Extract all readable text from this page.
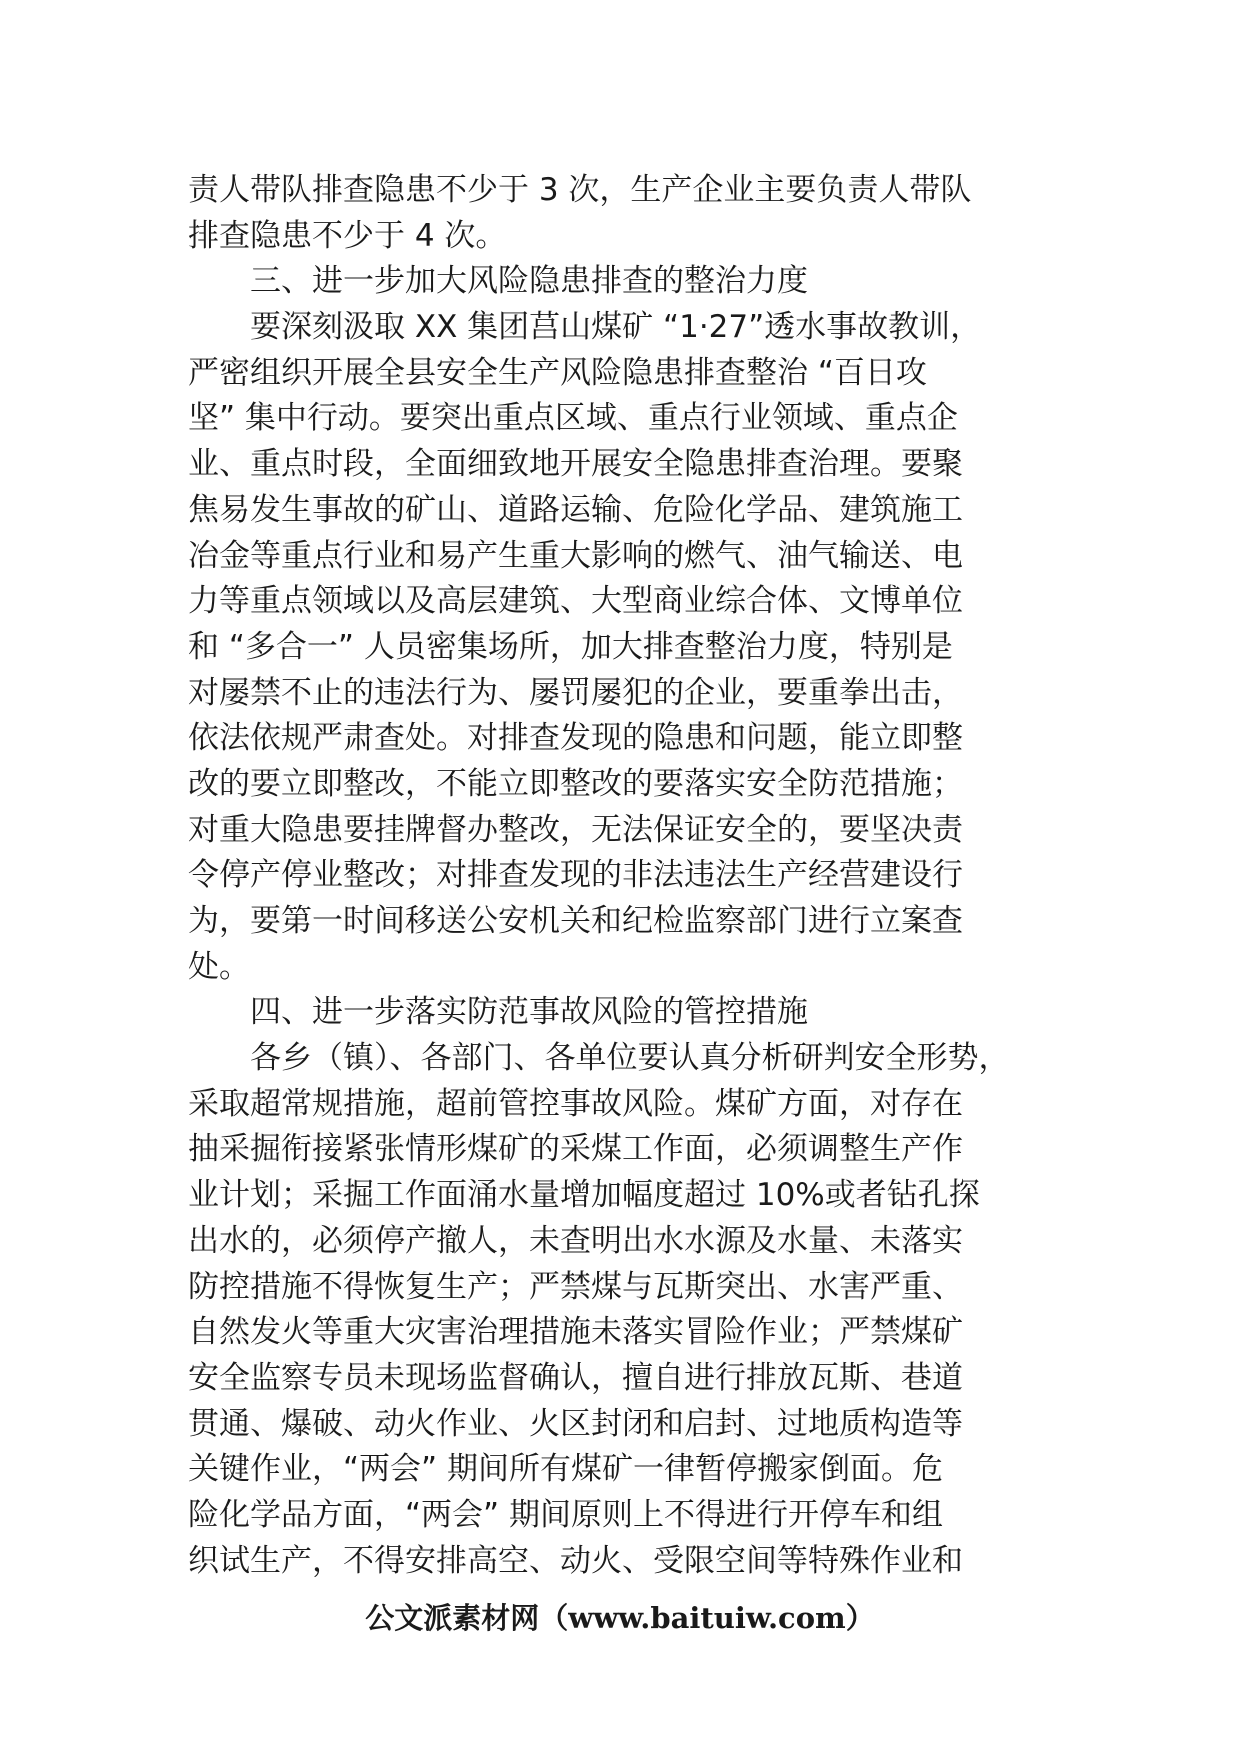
责人带队排查隐患不少于 3 次，生产企业主要负责人带队

排查隐患不少于 4 次。

　　三、进一步加大风险隐患排查的整治力度

　　要深刻汲取 XX 集团莒山煤矿 “1·27”透水事故教训，

严密组织开展全县安全生产风险隐患排查整治 “百日攻

坚” 集中行动。要突出重点区域、重点行业领域、重点企

业、重点时段，全面细致地开展安全隐患排查治理。要聚

焦易发生事故的矿山、道路运输、危险化学品、建筑施工

冶金等重点行业和易产生重大影响的燃气、油气输送、电

力等重点领域以及高层建筑、大型商业综合体、文博单位

和 “多合一” 人员密集场所，加大排查整治力度，特别是

对屡禁不止的违法行为、屡罚屡犯的企业，要重拳出击，

依法依规严肃查处。对排查发现的隐患和问题，能立即整

改的要立即整改，不能立即整改的要落实安全防范措施；

对重大隐患要挂牌督办整改，无法保证安全的，要坚决责

令停产停业整改；对排查发现的非法违法生产经营建设行

为，要第一时间移送公安机关和纪检监察部门进行立案查

处。

　　四、进一步落实防范事故风险的管控措施

　　各乡（镇）、各部门、各单位要认真分析研判安全形势，

采取超常规措施，超前管控事故风险。煤矿方面，对存在

抽采掘衔接紧张情形煤矿的采煤工作面，必须调整生产作

业计划；采掘工作面涌水量增加幅度超过 10%或者钻孔探

出水的，必须停产撤人，未查明出水水源及水量、未落实

防控措施不得恢复生产；严禁煤与瓦斯突出、水害严重、

自然发火等重大灾害治理措施未落实冒险作业；严禁煤矿

安全监察专员未现场监督确认，擅自进行排放瓦斯、巷道

贯通、爆破、动火作业、火区封闭和启封、过地质构造等

关键作业，“两会” 期间所有煤矿一律暂停搬家倒面。危

险化学品方面，“两会” 期间原则上不得进行开停车和组

织试生产，不得安排高空、动火、受限空间等特殊作业和

公文派素材网（www.baituiw.com）
